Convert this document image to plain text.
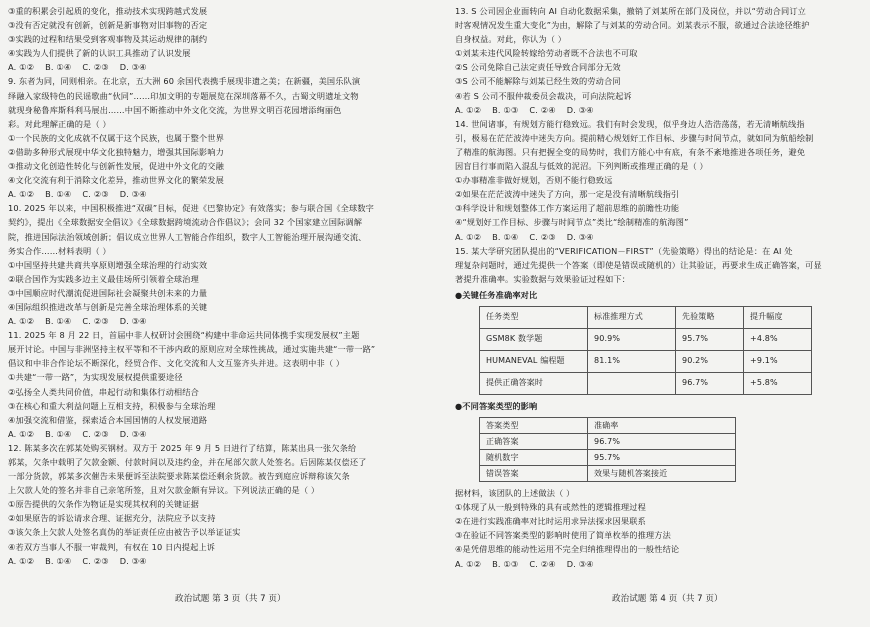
③重的积累会引起质的变化，推动技术实现跨越式发展
③没有否定就没有创新，创新是新事物对旧事物的否定
③实践的过程和结果受到客观事物及其运动规律的制约
④实践为人们提供了新的认识工具推动了认识发展
A. ①②    B. ①④    C. ②③    D. ③④
9. 东者为同，同则相亲。在北京，五大洲 60 余国代表携手展现非遗之美；在新疆，美国乐队演
绎融入家级特色的民谣歌曲“伙同”……印加文明的专题展览在深圳落幕不久，古蜀文明遗址文物
就现身秘鲁库斯科利马展出……中国不断推动中外文化交流，为世界文明百花园增添绚丽色
彩。对此理解正确的是（ ）
①一个民族的文化成就不仅属于这个民族，也属于整个世界
②借助多种形式展现中华文化独特魅力，增强其国际影响力
③推动文化创造性转化与创新性发展，促进中外文化的交融
④文化交流有利于消除文化差异，推动世界文化的繁荣发展
A. ①②    B. ①④    C. ②③    D. ③④
10. 2025 年以来，中国积极推进“双碳”目标，促进《巴黎协定》有效落实；参与联合国《全球数字
契约》，提出《全球数据安全倡议》《全球数据跨境流动合作倡议》；会同 32 个国家建立国际调解
院，推进国际法治领域创新；倡议成立世界人工智能合作组织，数字人工智能治理开展沟通交流、
务实合作……材料表明（ ）
①中国坚持共建共商共享原则增强全球治理的行动实效
②联合国作为实践多边主义最佳场所引领着全球治理
③中国顺应时代潮流促进国际社会凝聚共创未来的力量
④国际组织推进改革与创新是完善全球治理体系的关键
A. ①②    B. ①④    C. ②③    D. ③④
11. 2025 年 8 月 22 日，首届中非人权研讨会围绕“构建中非命运共同体携手实现发展权”主题
展开讨论。中国与非洲坚持主权平等和不干涉内政的原则应对全球性挑战，通过实施共建“一带一路”
倡议和中非合作论坛不断深化，经贸合作、文化交流和人文互鉴齐头并进。这表明中非（ ）
①共建“一带一路”，为实现发展权提供重要途径
②弘扬全人类共同价值，串起行动和集体行动相结合
③在核心和重大利益问题上互相支持，积极参与全球治理
④加强交流和借鉴，探索适合本国国情的人权发展道路
A. ①②    B. ①④    C. ②③    D. ③④
12. 陈某多次在郭某处购买钢材。双方于 2025 年 9 月 5 日进行了结算，陈某出具一张欠条给
郭某，欠条中载明了欠款金额、付款时间以及违约金，并在尾部欠款人处签名。后因陈某仅偿还了
一部分货款，郭某多次催告未果便诉至法院要求陈某偿还剩余货款。被告到庭应诉辩称该欠条
上欠款人处的签名并非自己亲笔所签，且对欠款金额有异议。下列说法正确的是（ ）
①原告提供的欠条作为物证是实现其权利的关键证据
②如果原告的诉讼请求合理、证据充分，法院应予以支持
③该欠条上欠款人处签名真伪的举证责任应由被告予以举证证实
④若双方当事人不服一审裁判，有权在 10 日内提起上诉
A. ①②    B. ①④    C. ②③    D. ③④
13. S 公司因企业面转向 AI 自动化数据采集，撤销了刘某所在部门及岗位，并以“劳动合同订立
时客观情况发生重大变化”为由，解除了与刘某的劳动合同。刘某表示不服，欲通过合法途径维护
自身权益。对此，你认为（ ）
①刘某未违代风险转嫁给劳动者既不合法也不可取
②S 公司免除自己法定责任导致合同部分无效
③S 公司不能解除与刘某已经生效的劳动合同
④若 S 公司不服仲裁委员会裁决，可向法院起诉
A. ①②    B. ①③    C. ②④    D. ③④
14. 世间诸事，有规划方能行稳致远。我们有时会发现，似乎身边人浩浩荡荡，若无清晰航线指
引，极易在茫茫波涛中迷失方向。提前精心规划好工作目标、步骤与时间节点，就如同为航船绘制
了精准的航海图。只有把握全变的局势时，我们方能心中有底，有条不紊地推进各项任务，避免
因盲目行事而陷入混乱与低效的泥沼。下列判断或推理正确的是（ ）
①办事精准非做好规划，否则不能行稳致远
②如果在茫茫波涛中迷失了方向，那一定是没有清晰航线指引
③科学设计和规划整体工作方案运用了超前思维的前瞻性功能
④“规划好工作目标、步骤与时间节点”类比“绘制精准的航海图”
A. ①②    B. ①④    C. ②③    D. ③④
15. 某大学研究团队提出的“VERIFICATION－FIRST”（先验策略）得出的结论是：在 AI 处
理复杂问题时，通过先提供一个答案（即使是错误或随机的）让其验证，再要求生成正确答案，可显
著提升准确率。实验数据与效果验证过程如下：
●关键任务准确率对比
任务类型	标准推理方式	先验策略	提升幅度
GSM8K 数学题	90.9%	95.7%	+4.8%
HUMANEVAL 编程题	81.1%	90.2%	+9.1%
提供正确答案时		96.7%	+5.8%
●不同答案类型的影响
答案类型	准确率
正确答案	96.7%
随机数字	95.7%
错误答案	效果与随机答案接近
据材料，该团队的上述做法（ ）
①体现了从一般到特殊的具有或然性的逻辑推理过程
②在进行实践准确率对比时运用求异法探求因果联系
③在验证不同答案类型的影响时使用了简单枚举的推理方法
④是凭借思维的能动性运用不完全归纳推理得出的一般性结论
A. ①②    B. ①③    C. ②④    D. ③④
政治试题 第 3 页（共 7 页）	政治试题 第 4 页（共 7 页）
